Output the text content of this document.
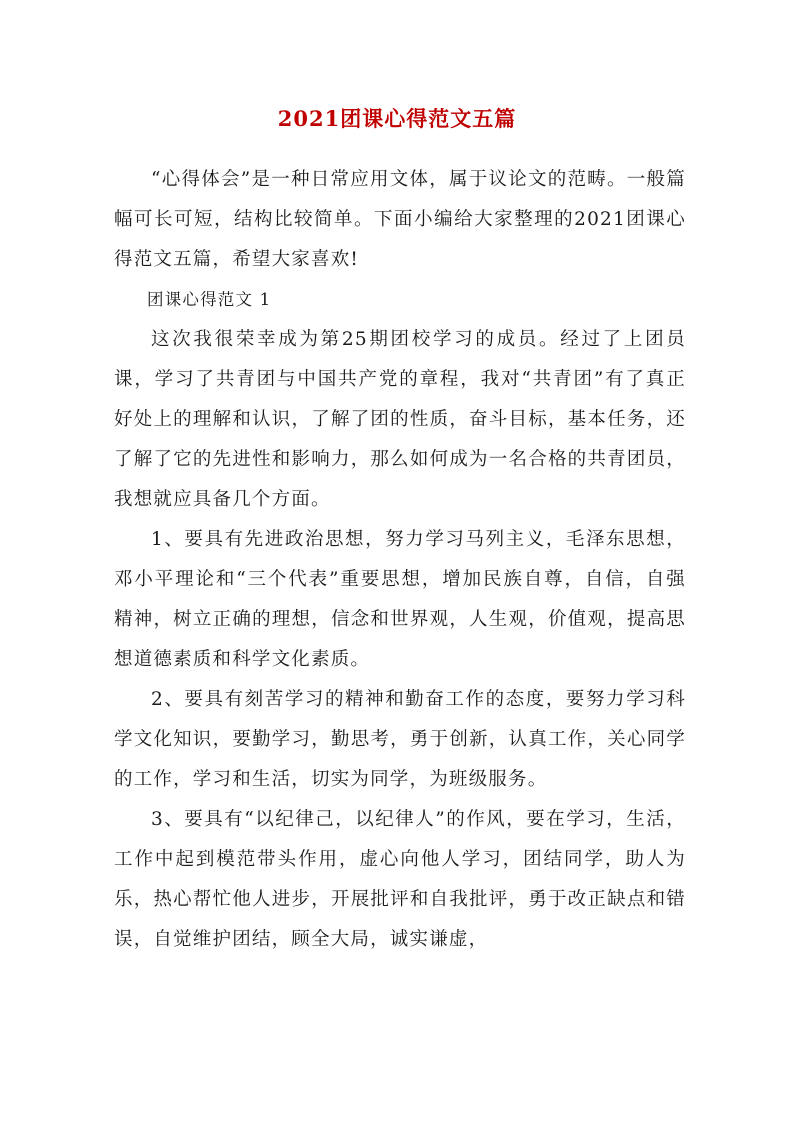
2021团课心得范文五篇

“心得体会”是一种日常应用文体，属于议论文的范畴。一般篇幅可长可短，结构比较简单。下面小编给大家整理的2021团课心得范文五篇，希望大家喜欢!

团课心得范文 1

这次我很荣幸成为第25期团校学习的成员。经过了上团员课，学习了共青团与中国共产党的章程，我对“共青团”有了真正好处上的理解和认识，了解了团的性质，奋斗目标，基本任务，还了解了它的先进性和影响力，那么如何成为一名合格的共青团员，我想就应具备几个方面。

1、要具有先进政治思想，努力学习马列主义，毛泽东思想，邓小平理论和“三个代表”重要思想，增加民族自尊，自信，自强精神，树立正确的理想，信念和世界观，人生观，价值观，提高思想道德素质和科学文化素质。

2、要具有刻苦学习的精神和勤奋工作的态度，要努力学习科学文化知识，要勤学习，勤思考，勇于创新，认真工作，关心同学的工作，学习和生活，切实为同学，为班级服务。

3、要具有“以纪律己，以纪律人”的作风，要在学习，生活，工作中起到模范带头作用，虚心向他人学习，团结同学，助人为乐，热心帮忙他人进步，开展批评和自我批评，勇于改正缺点和错误，自觉维护团结，顾全大局，诚实谦虚，
